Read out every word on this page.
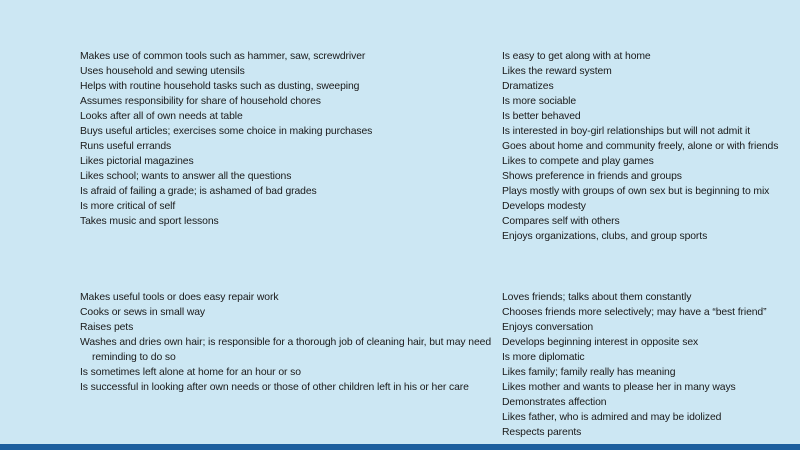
Makes use of common tools such as hammer, saw, screwdriver
Uses household and sewing utensils
Helps with routine household tasks such as dusting, sweeping
Assumes responsibility for share of household chores
Looks after all of own needs at table
Buys useful articles; exercises some choice in making purchases
Runs useful errands
Likes pictorial magazines
Likes school; wants to answer all the questions
Is afraid of failing a grade; is ashamed of bad grades
Is more critical of self
Takes music and sport lessons
Is easy to get along with at home
Likes the reward system
Dramatizes
Is more sociable
Is better behaved
Is interested in boy-girl relationships but will not admit it
Goes about home and community freely, alone or with friends
Likes to compete and play games
Shows preference in friends and groups
Plays mostly with groups of own sex but is beginning to mix
Develops modesty
Compares self with others
Enjoys organizations, clubs, and group sports
Makes useful tools or does easy repair work
Cooks or sews in small way
Raises pets
Washes and dries own hair; is responsible for a thorough job of cleaning hair, but may need reminding to do so
Is sometimes left alone at home for an hour or so
Is successful in looking after own needs or those of other children left in his or her care
Loves friends; talks about them constantly
Chooses friends more selectively; may have a “best friend”
Enjoys conversation
Develops beginning interest in opposite sex
Is more diplomatic
Likes family; family really has meaning
Likes mother and wants to please her in many ways
Demonstrates affection
Likes father, who is admired and may be idolized
Respects parents
